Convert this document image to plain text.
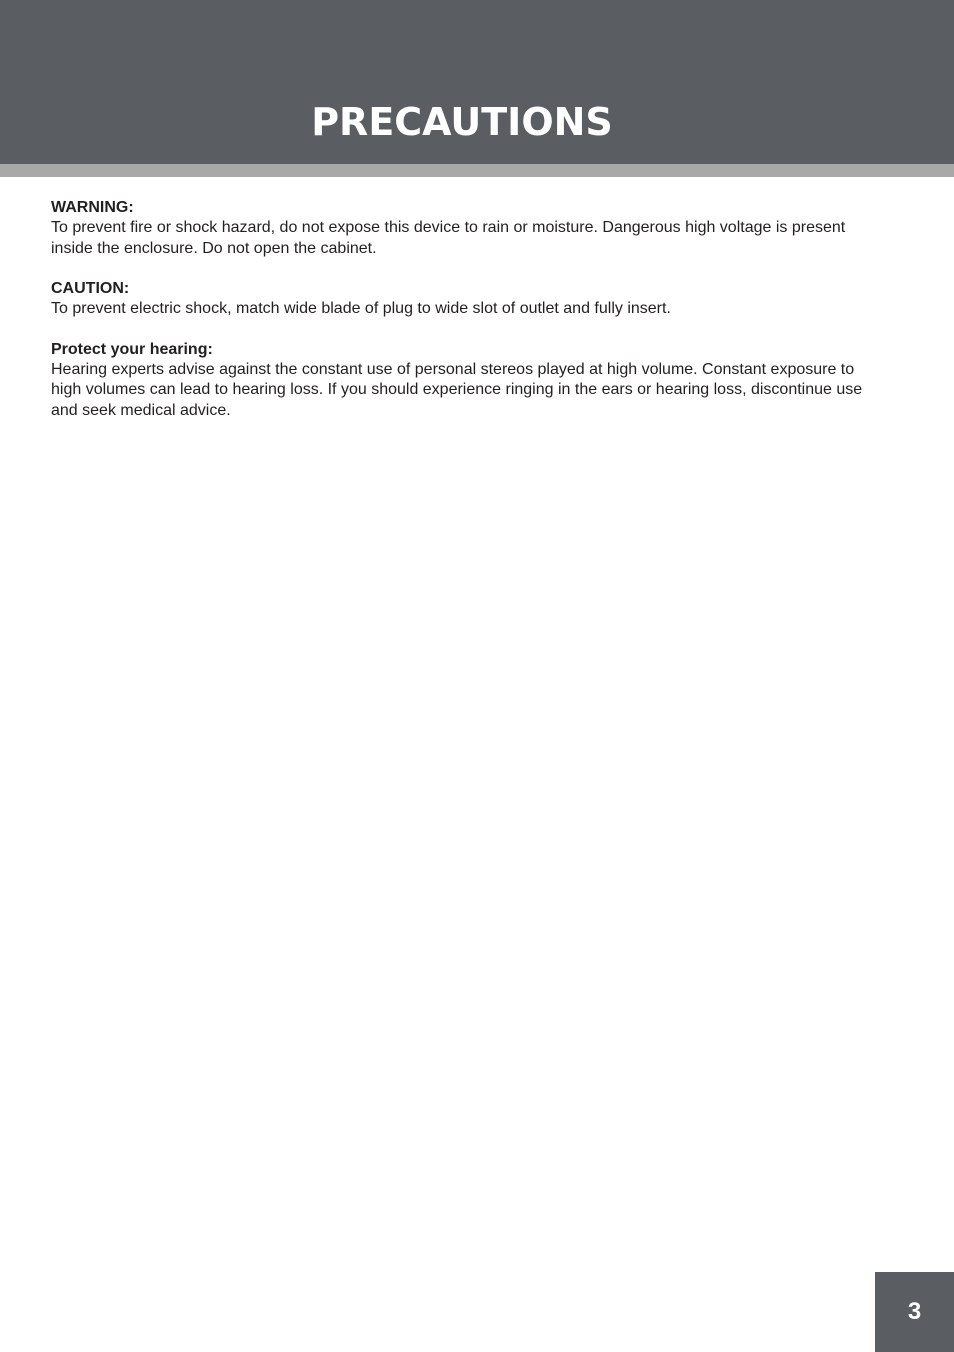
PRECAUTIONS

WARNING:

To prevent fire or shock hazard, do not expose this device to rain or moisture. Dangerous high voltage is present inside the enclosure. Do not open the cabinet.

CAUTION:

To prevent electric shock, match wide blade of plug to wide slot of outlet and fully insert.

Protect your hearing:

Hearing experts advise against the constant use of personal stereos played at high volume. Constant exposure to high volumes can lead to hearing loss. If you should experience ringing in the ears or hearing loss, discontinue use and seek medical advice.

3
